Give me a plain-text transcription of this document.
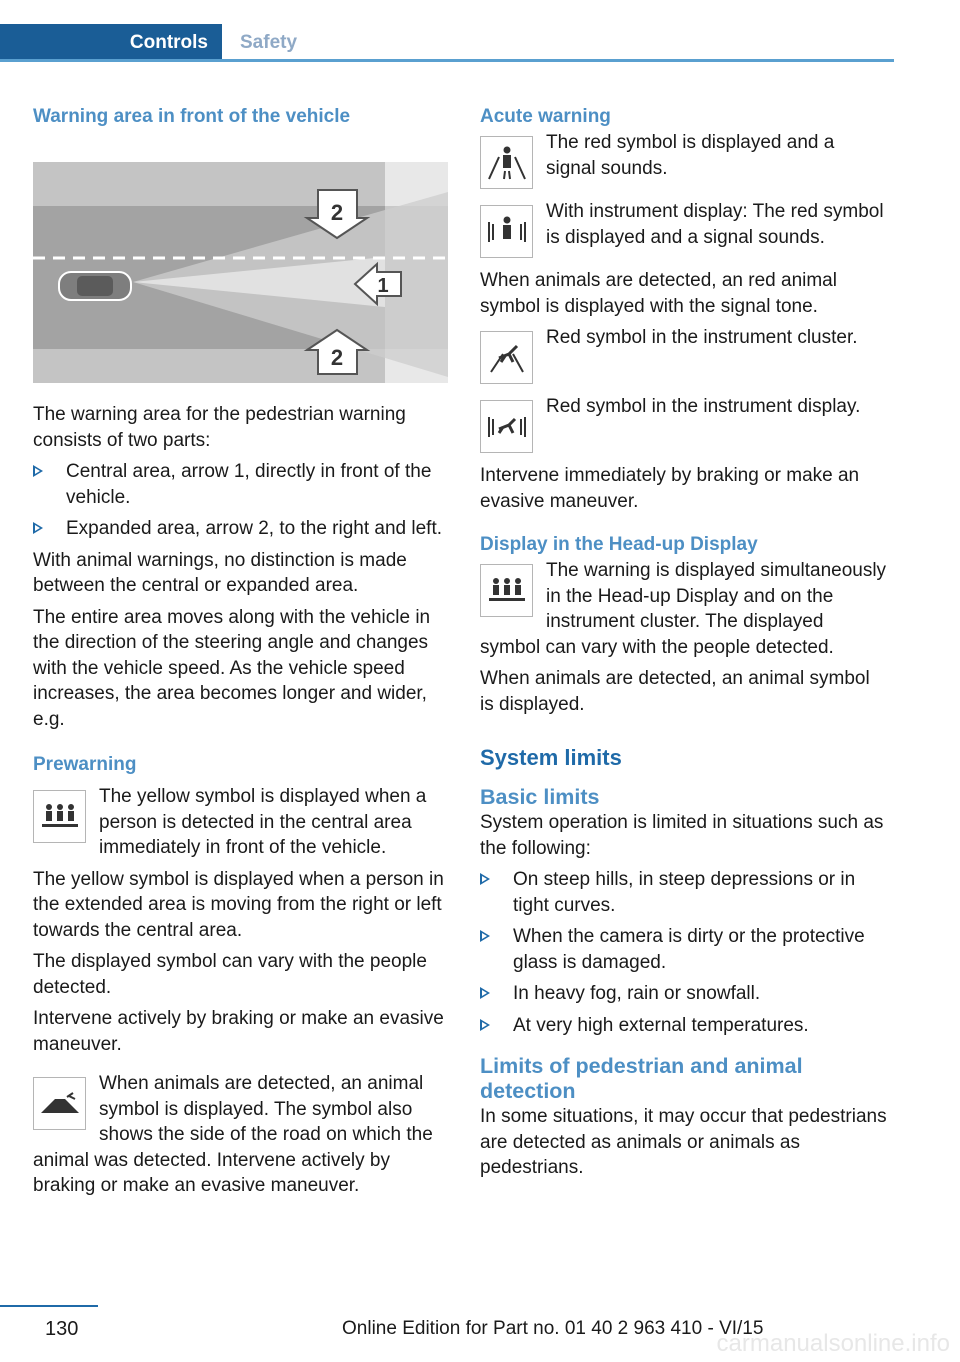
Controls	Safety
Warning area in front of the vehicle
2
1
2

The warning area for the pedestrian warning consists of two parts:

Central area, arrow 1, directly in front of the vehicle.
Expanded area, arrow 2, to the right and left.

With animal warnings, no distinction is made between the central or expanded area.

The entire area moves along with the vehicle in the direction of the steering angle and changes with the vehicle speed. As the vehicle speed increases, the area becomes longer and wider, e.g.

Prewarning

The yellow symbol is displayed when a person is detected in the central area immediately in front of the vehicle.

The yellow symbol is displayed when a person in the extended area is moving from the right or left towards the central area.

The displayed symbol can vary with the people detected.

Intervene actively by braking or make an evasive maneuver.

When animals are detected, an animal symbol is displayed. The symbol also shows the side of the road on which the animal was detected. Intervene actively by braking or make an evasive maneuver.

Acute warning

The red symbol is displayed and a signal sounds.

With instrument display: The red symbol is displayed and a signal sounds.

When animals are detected, an red animal symbol is displayed with the signal tone.

Red symbol in the instrument cluster.

Red symbol in the instrument display.

Intervene immediately by braking or make an evasive maneuver.

Display in the Head-up Display

The warning is displayed simultaneously in the Head-up Display and on the instrument cluster. The displayed symbol can vary with the people detected.

When animals are detected, an animal symbol is displayed.

System limits
Basic limits

System operation is limited in situations such as the following:

On steep hills, in steep depressions or in tight curves.
When the camera is dirty or the protective glass is damaged.
In heavy fog, rain or snowfall.
At very high external temperatures.
Limits of pedestrian and animal detection

In some situations, it may occur that pedestrians are detected as animals or animals as pedestrians.

130	Online Edition for Part no. 01 40 2 963 410 - VI/15
carmanualsonline.info
